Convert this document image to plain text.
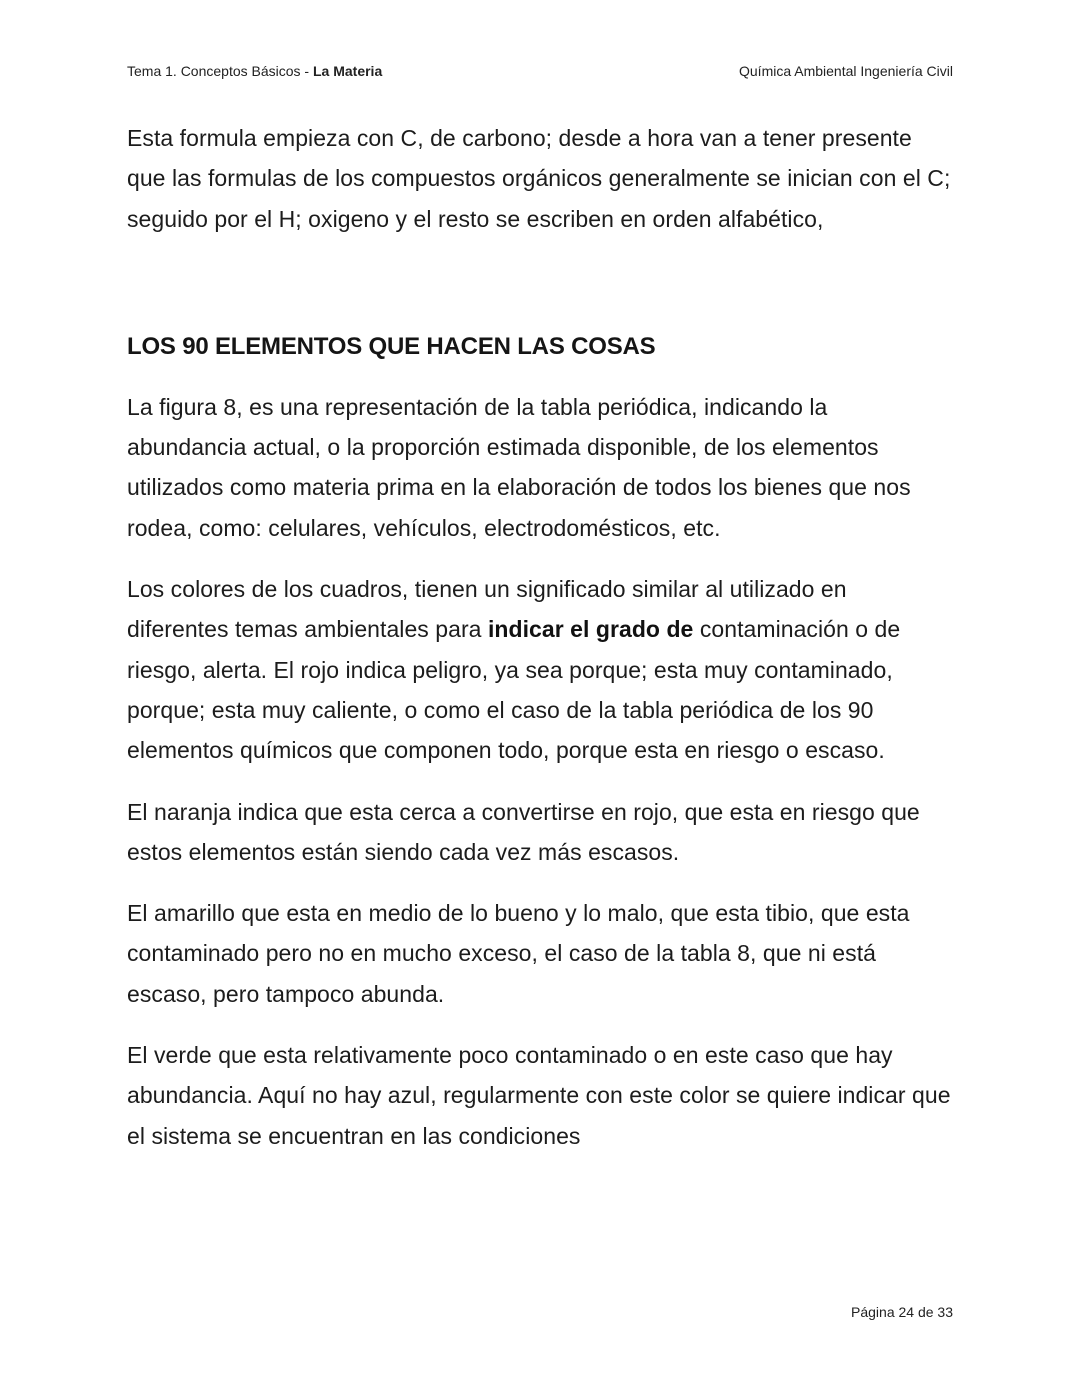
Tema 1. Conceptos Básicos - La Materia	Química Ambiental Ingeniería Civil

Esta formula empieza con C, de carbono; desde a hora van a tener presente que las formulas de los compuestos orgánicos generalmente se inician con el C; seguido por el H; oxigeno y el resto se escriben en orden alfabético,

LOS 90 ELEMENTOS QUE HACEN LAS COSAS

La figura 8, es una representación de la tabla periódica, indicando la abundancia actual, o la proporción estimada disponible, de los elementos utilizados como materia prima en la elaboración de todos los bienes que nos rodea, como: celulares, vehículos, electrodomésticos, etc.

Los colores de los cuadros, tienen un significado similar al utilizado en diferentes temas ambientales para indicar el grado de contaminación o de riesgo, alerta. El rojo indica peligro, ya sea porque; esta muy contaminado, porque; esta muy caliente, o como el caso de la tabla periódica de los 90 elementos químicos que componen todo, porque esta en riesgo o escaso.

El naranja indica que esta cerca a convertirse en rojo, que esta en riesgo que estos elementos están siendo cada vez más escasos.

El amarillo que esta en medio de lo bueno y lo malo, que esta tibio, que esta contaminado pero no en mucho exceso, el caso de la tabla 8, que ni está escaso, pero tampoco abunda.

El verde que esta relativamente poco contaminado o en este caso que hay abundancia. Aquí no hay azul, regularmente con este color se quiere indicar que el sistema se encuentran en las condiciones

Página 24 de 33
